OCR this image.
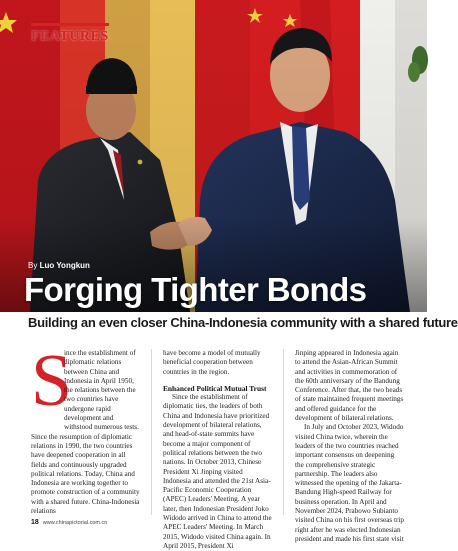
FEATURES
By Luo Yongkun
Forging Tighter Bonds
Building an even closer China-Indonesia community with a shared future
S
ince the establishment of diplomatic relations between China and Indonesia in April 1950, the relations between the two countries have undergone rapid development and withstood numerous tests.

Since the resumption of diplomatic relations in 1990, the two countries have deepened cooperation in all fields and continuously upgraded political relations. Today, China and Indonesia are working together to promote construction of a community with a shared future. China-Indonesia relations

have become a model of mutually beneficial cooperation between countries in the region.

Enhanced Political Mutual Trust

Since the establishment of diplomatic ties, the leaders of both China and Indonesia have prioritized development of bilateral relations, and head-of-state summits have become a major component of political relations between the two nations. In October 2013, Chinese President Xi Jinping visited Indonesia and attended the 21st Asia-Pacific Economic Cooperation (APEC) Leaders' Meeting. A year later, then Indonesian President Joko Widodo arrived in China to attend the APEC Leaders' Meeting. In March 2015, Widodo visited China again. In April 2015, President Xi

Jinping appeared in Indonesia again to attend the Asian-African Summit and activities in commemoration of the 60th anniversary of the Bandung Conference. After that, the two heads of state maintained frequent meetings and offered guidance for the development of bilateral relations.

In July and October 2023, Widodo visited China twice, wherein the leaders of the two countries reached important consensus on deepening the comprehensive strategic partnership. The leaders also witnessed the opening of the Jakarta-Bandung High-speed Railway for business operation. In April and November 2024, Prabowo Subianto visited China on his first overseas trip right after he was elected Indonesian president and made his first state visit

18 www.chinapictorial.com.cn
